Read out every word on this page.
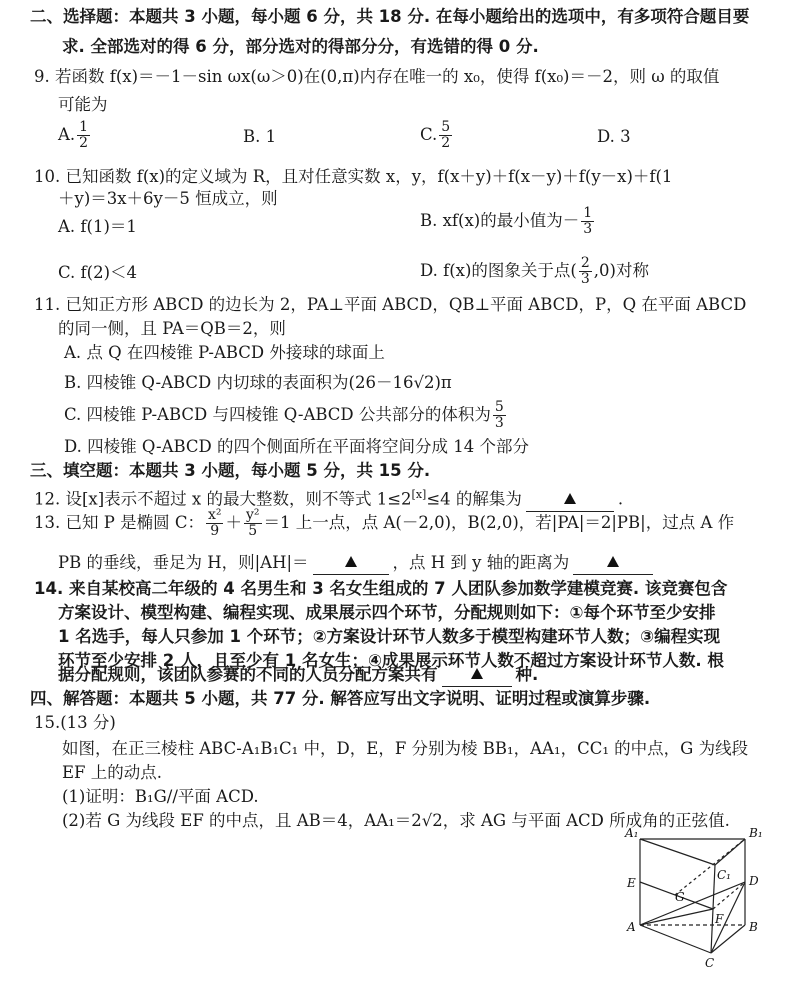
二、选择题：本题共 3 小题，每小题 6 分，共 18 分. 在每小题给出的选项中，有多项符合题目要
求. 全部选对的得 6 分，部分选对的得部分分，有选错的得 0 分.
9. 若函数 f(x)＝－1－sin ωx(ω＞0)在(0,π)内存在唯一的 x₀，使得 f(x₀)＝－2，则 ω 的取值
可能为
A. $\frac{1}{2}$	B. 1	C. $\frac{5}{2}$	D. 3
10. 已知函数 f(x)的定义域为 R，且对任意实数 x，y，f(x＋y)＋f(x－y)＋f(y－x)＋f(1
＋y)＝3x＋6y－5 恒成立，则
A. f(1)＝1	B. xf(x)的最小值为－ $\frac{1}{3}$
C. f(2)＜4	D. f(x)的图象关于点( $\frac{2}{3} ,0$)对称
11. 已知正方形 ABCD 的边长为 2，PA⊥平面 ABCD，QB⊥平面 ABCD，P，Q 在平面 ABCD
的同一侧，且 PA＝QB＝2，则
A. 点 Q 在四棱锥 P-ABCD 外接球的球面上
B. 四棱锥 Q-ABCD 内切球的表面积为(26－16√2)π
C. 四棱锥 P-ABCD 与四棱锥 Q-ABCD 公共部分的体积为 $\frac{5}{3}$
D. 四棱锥 Q-ABCD 的四个侧面所在平面将空间分成 14 个部分
三、填空题：本题共 3 小题，每小题 5 分，共 15 分.
12. 设[x]表示不超过 x 的最大整数，则不等式 1≤2[x]≤4 的解集为	.
13. 已知 P 是椭圆 C： $\frac{\text{x²}}{9} + \frac{\text{y²}}{5} =1$ 上一点，点 A(－2,0)，B(2,0)，若|PA|＝2|PB|，过点 A 作
PB 的垂线，垂足为 H，则|AH|＝	，点 H 到 y 轴的距离为
14. 来自某校高二年级的 4 名男生和 3 名女生组成的 7 人团队参加数学建模竞赛. 该竞赛包含
方案设计、模型构建、编程实现、成果展示四个环节，分配规则如下：①每个环节至少安排
1 名选手，每人只参加 1 个环节；②方案设计环节人数多于模型构建环节人数；③编程实现
环节至少安排 2 人，且至少有 1 名女生；④成果展示环节人数不超过方案设计环节人数. 根
据分配规则，该团队参赛的不同的人员分配方案共有	种.
四、解答题：本题共 5 小题，共 77 分. 解答应写出文字说明、证明过程或演算步骤.
15.(13 分)
如图，在正三棱柱 ABC-A₁B₁C₁ 中，D，E，F 分别为棱 BB₁，AA₁，CC₁ 的中点，G 为线段
EF 上的动点.
(1)证明：B₁G//平面 ACD.
(2)若 G 为线段 EF 的中点，且 AB＝4，AA₁＝2√2，求 AG 与平面 ACD 所成角的正弦值.
A₁	B₁
C₁
E	D
G
F
A	B
C
